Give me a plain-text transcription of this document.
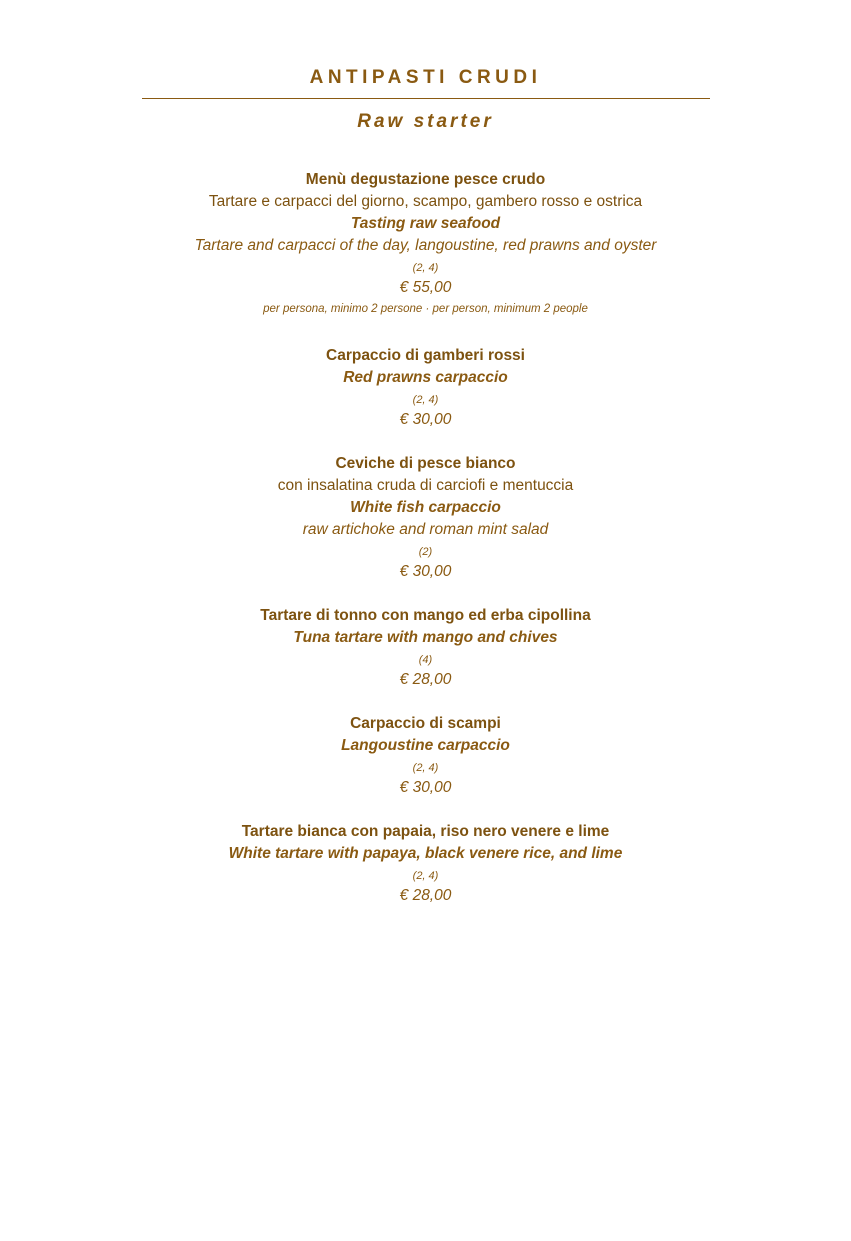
ANTIPASTI CRUDI
Raw starter
Menù degustazione pesce crudo
Tartare e carpacci del giorno, scampo, gambero rosso e ostrica
Tasting raw seafood
Tartare and carpacci of the day, langoustine, red prawns and oyster
(2, 4)
€ 55,00
per persona, minimo 2 persone · per person, minimum 2 people
Carpaccio di gamberi rossi
Red prawns carpaccio
(2, 4)
€ 30,00
Ceviche di pesce bianco
con insalatina cruda di carciofi e mentuccia
White fish carpaccio
raw artichoke and roman mint salad
(2)
€ 30,00
Tartare di tonno con mango ed erba cipollina
Tuna tartare with mango and chives
(4)
€ 28,00
Carpaccio di scampi
Langoustine carpaccio
(2, 4)
€ 30,00
Tartare bianca con papaia, riso nero venere e lime
White tartare with papaya, black venere rice, and lime
(2, 4)
€ 28,00
